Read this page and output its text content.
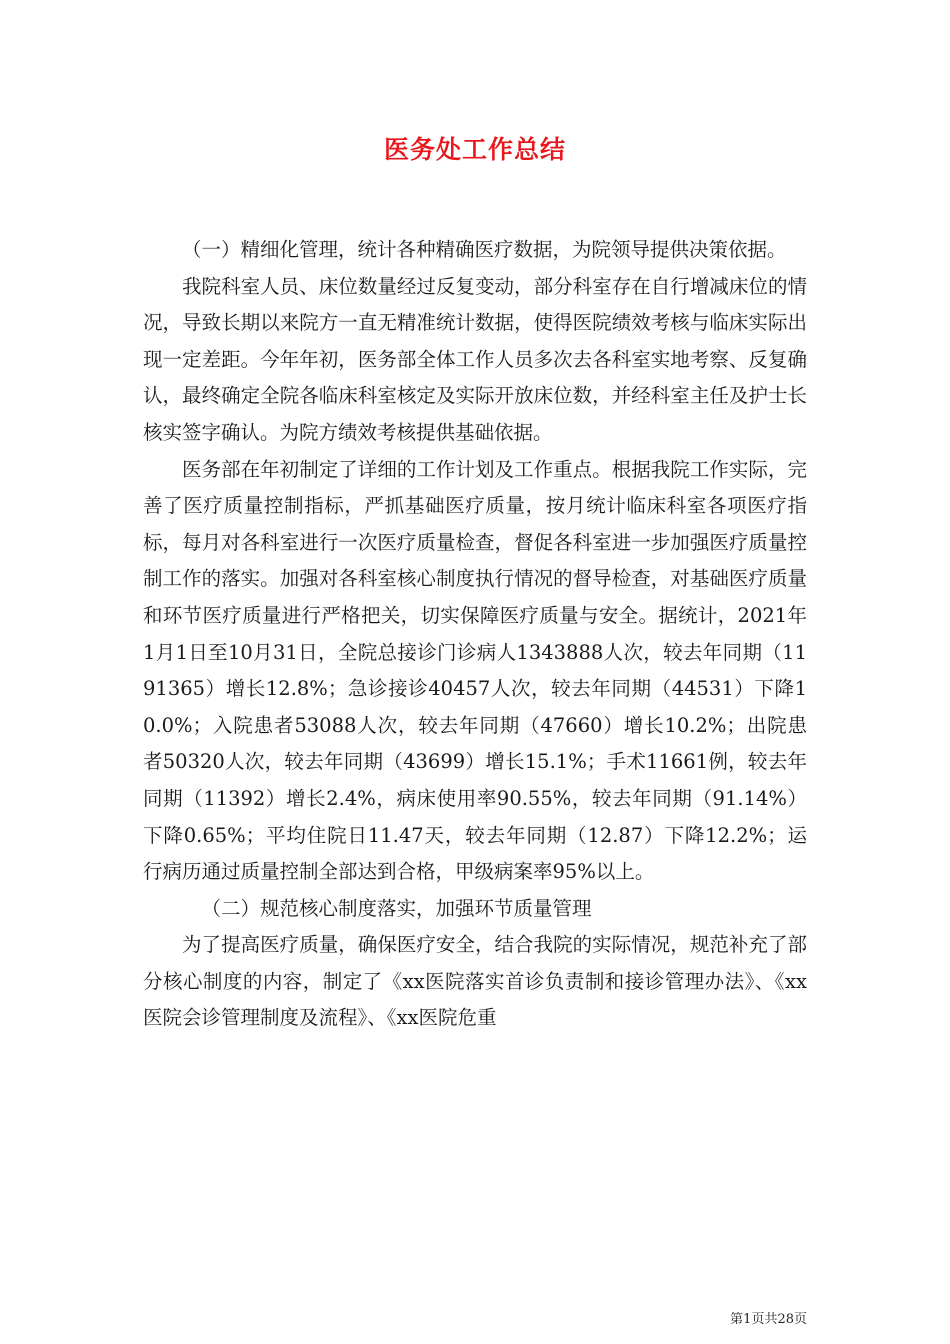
医务处工作总结

（一）精细化管理，统计各种精确医疗数据，为院领导提供决策依据。

我院科室人员、床位数量经过反复变动，部分科室存在自行增减床位的情况，导致长期以来院方一直无精准统计数据，使得医院绩效考核与临床实际出现一定差距。今年年初，医务部全体工作人员多次去各科室实地考察、反复确认，最终确定全院各临床科室核定及实际开放床位数，并经科室主任及护士长核实签字确认。为院方绩效考核提供基础依据。

医务部在年初制定了详细的工作计划及工作重点。根据我院工作实际，完善了医疗质量控制指标，严抓基础医疗质量，按月统计临床科室各项医疗指标，每月对各科室进行一次医疗质量检查，督促各科室进一步加强医疗质量控制工作的落实。加强对各科室核心制度执行情况的督导检查，对基础医疗质量和环节医疗质量进行严格把关，切实保障医疗质量与安全。据统计，2021年1月1日至10月31日，全院总接诊门诊病人1343888人次，较去年同期（1191365）增长12.8%；急诊接诊40457人次，较去年同期（44531）下降10.0%；入院患者53088人次，较去年同期（47660）增长10.2%；出院患者50320人次，较去年同期（43699）增长15.1%；手术11661例，较去年同期（11392）增长2.4%，病床使用率90.55%，较去年同期（91.14%）下降0.65%；平均住院日11.47天，较去年同期（12.87）下降12.2%；运行病历通过质量控制全部达到合格，甲级病案率95%以上。

（二）规范核心制度落实，加强环节质量管理

为了提高医疗质量，确保医疗安全，结合我院的实际情况，规范补充了部分核心制度的内容，制定了《xx医院落实首诊负责制和接诊管理办法》、《xx医院会诊管理制度及流程》、《xx医院危重

第1页共28页
